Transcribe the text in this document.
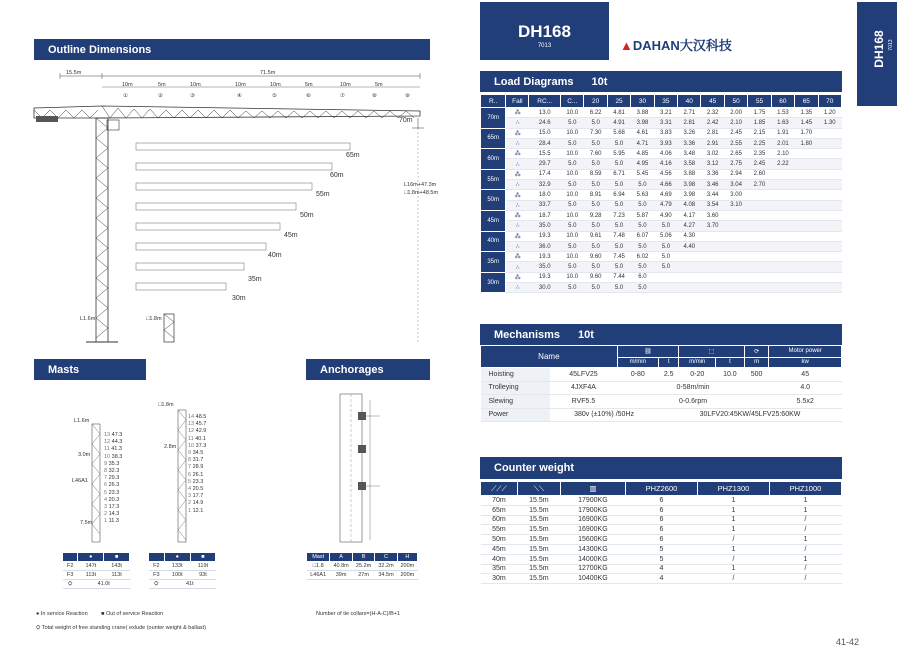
Outline Dimensions
15.5m	71.5m
10m	5m	10m	10m	10m	5m	10m	5m
①	②	③	④	⑤	⑥	⑦	⑧	⑨
70m
65m
60m
55m
50m
45m
40m
35m
30m
L16m+47.3m
□1.8m+48.5m
L1.6m	□1.8m
Masts	Anchorages
L1.6m
3.0m
L46A1
7.5m
□1.8m
2.8m
13 47.3
12 44.3
11 41.3
10 38.3
9 35.3
8 32.3
7 29.3
6 26.3
5 23.3
4 20.3
3 17.3
2 14.3
1 11.3
14 48.5
13 45.7
12 42.9
11 40.1
10 37.3
9 34.5
8 31.7
7 28.9
6 26.1
5 23.3
4 20.5
3 17.7
2 14.9
1 12.1
	●	■
F2	147t	143t
F3	113t	113t
⛭	41.0t	
	●	■
F2	133t	119t
F3	100t	93t
⛭	41t	
Mast	A	B	C	H
□1.8	40.8m	25.2m	32.2m	200m
L46A1	39m	27m	34.5m	200m
● In service Reaction ■ Out of service Reaction	Number of tie collars=(H-A-C)/B+1
⛭ Total weight of free standing crane( exlude (ounter weight & ballast)
DH168
7013	▲DAHAN大汉科技	DH168 7013
Load Diagrams 10t
R..	Fall	RC...	C...	20	25	30	35	40	45	50	55	60	65	70
70m	⁂	13.0	10.0	6.22	4.81	3.88	3.21	2.71	2.32	2.00	1.75	1.53	1.35	1.20
	∴	24.6	5.0	5.0	4.91	3.98	3.31	2.81	2.42	2.10	1.85	1.63	1.45	1.30
65m	⁂	15.0	10.0	7.30	5.68	4.61	3.83	3.26	2.81	2.45	2.15	1.91	1.70	
	∴	28.4	5.0	5.0	5.0	4.71	3.93	3.36	2.91	2.55	2.25	2.01	1.80	
60m	⁂	15.5	10.0	7.60	5.95	4.85	4.06	3.48	3.02	2.65	2.35	2.10		
	∴	29.7	5.0	5.0	5.0	4.95	4.16	3.58	3.12	2.75	2.45	2.22		
55m	⁂	17.4	10.0	8.59	6.71	5.45	4.56	3.88	3.36	2.94	2.60			
	∴	32.9	5.0	5.0	5.0	5.0	4.66	3.98	3.46	3.04	2.70			
50m	⁂	18.0	10.0	8.91	6.94	5.63	4.69	3.98	3.44	3.00				
	∴	33.7	5.0	5.0	5.0	5.0	4.79	4.08	3.54	3.10				
45m	⁂	18.7	10.0	9.28	7.23	5.87	4.90	4.17	3.60					
	∴	35.0	5.0	5.0	5.0	5.0	5.0	4.27	3.70					
40m	⁂	19.3	10.0	9.61	7.48	6.07	5.06	4.30						
	∴	36.0	5.0	5.0	5.0	5.0	5.0	4.40						
35m	⁂	19.3	10.0	9.60	7.45	6.02	5.0							
	∴	35.0	5.0	5.0	5.0	5.0	5.0							
30m	⁂	19.3	10.0	9.60	7.44	6.0								
	∴	30.0	5.0	5.0	5.0	5.0								
Mechanisms 10t
Name		⛓		⬚		⟳	Motor power
		m/min	t	m/min	t	m	kw
Hoisting	45LFV25	0-80	2.5	0-20	10.0	500	45
Trolleying	4JXF4A	0-58m/min					4.0
Slewing	RVF5.5	0-0.6rpm					5.5x2
Power	380v (±10%) /50Hz		30LFV20:45KW/45LFV25:60KW				
Counter weight
⟋⟋⟋	⟍⟍	▥	PHZ2600	PHZ1300	PHZ1000
70m	15.5m	17900KG	6	1	1
65m	15.5m	17900KG	6	1	1
60m	15.5m	16900KG	6	1	/
55m	15.5m	16900KG	6	1	/
50m	15.5m	15600KG	6	/	1
45m	15.5m	14300KG	5	1	/
40m	15.5m	14000KG	5	/	1
35m	15.5m	12700KG	4	1	/
30m	15.5m	10400KG	4	/	/
41-42
